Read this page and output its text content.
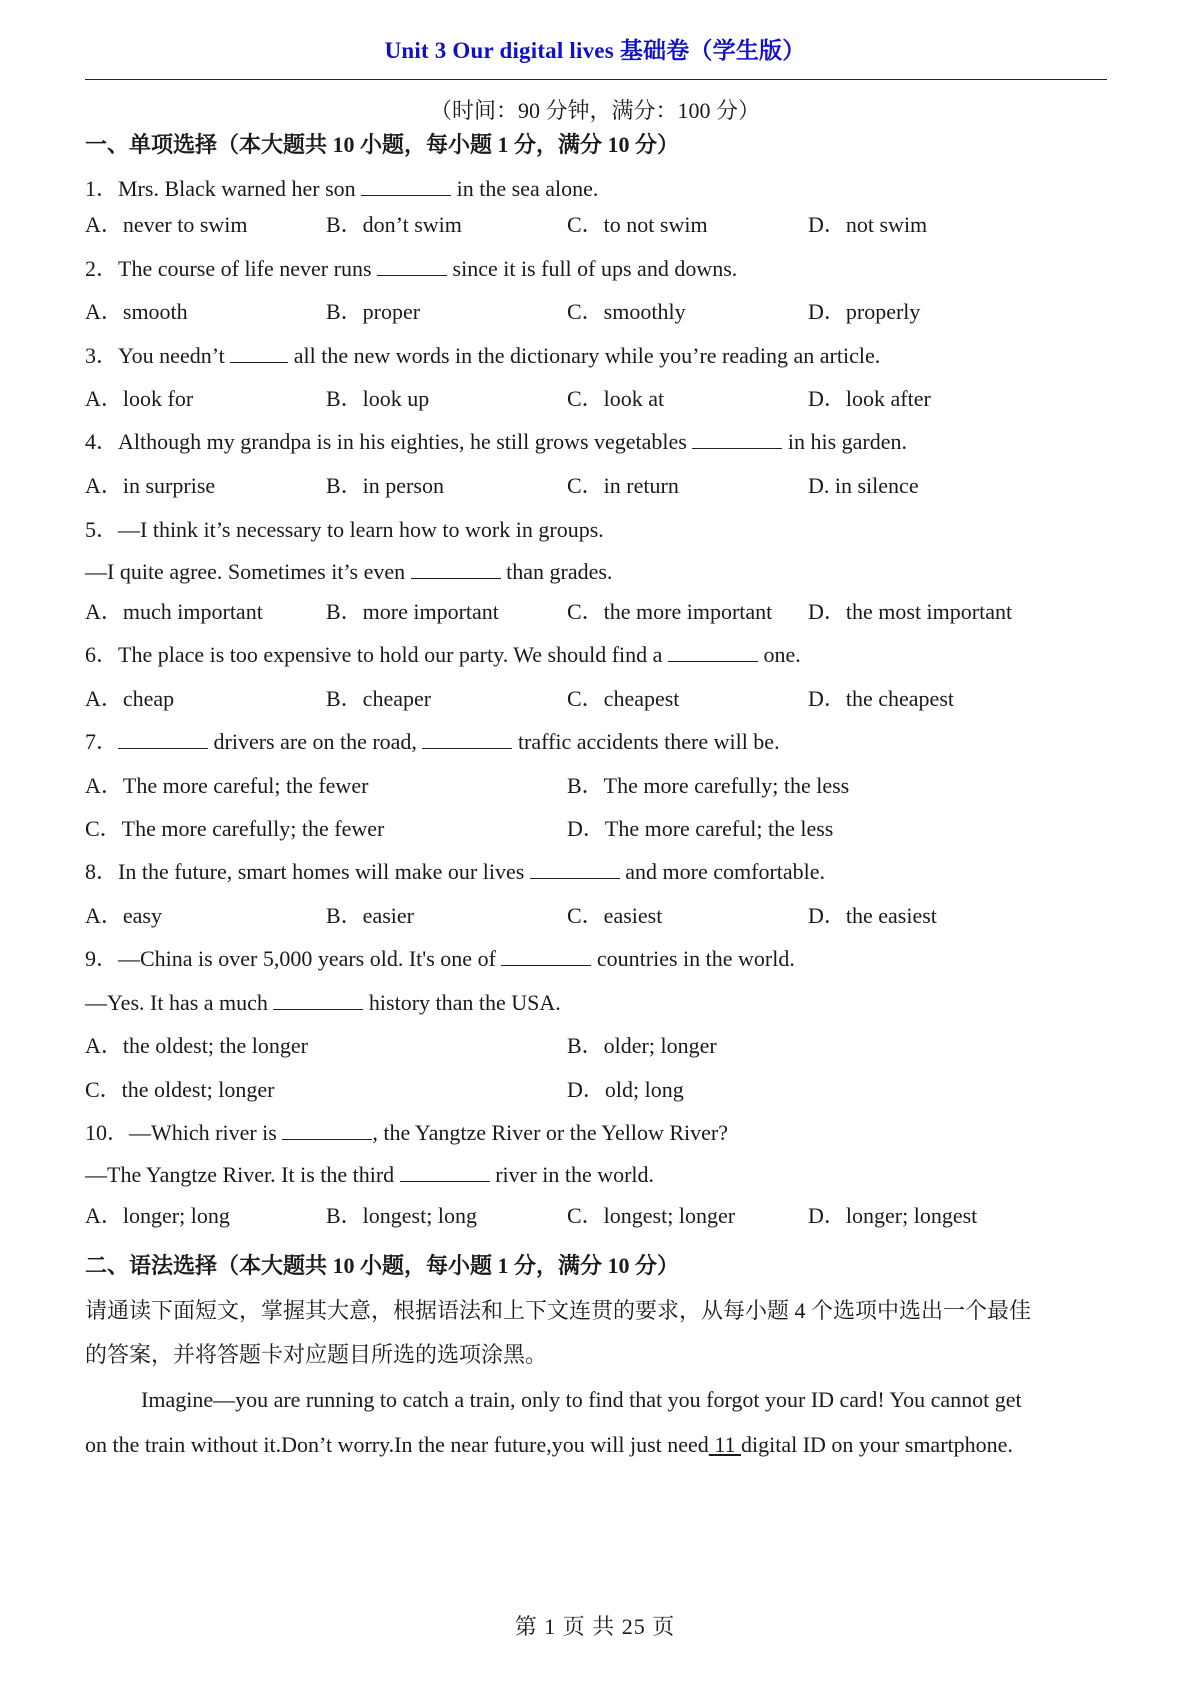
Unit 3 Our digital lives 基础卷（学生版）
（时间：90 分钟，满分：100 分）
一、单项选择（本大题共 10 小题，每小题 1 分，满分 10 分）
1．Mrs. Black warned her son	in the sea alone.
A．never to swim	B．don’t swim	C．to not swim	D．not swim
2．The course of life never runs	since it is full of ups and downs.
A．smooth	B．proper	C．smoothly	D．properly
3．You needn’t	all the new words in the dictionary while you’re reading an article.
A．look for	B．look up	C．look at	D．look after
4．Although my grandpa is in his eighties, he still grows vegetables	in his garden.
A．in surprise	B．in person	C．in return	D. in silence
5．—I think it’s necessary to learn how to work in groups.
—I quite agree. Sometimes it’s even	than grades.
A．much important	B．more important	C．the more important D．the most important
6．The place is too expensive to hold our party. We should find a	one.
A．cheap	B．cheaper	C．cheapest	D．the cheapest
7．	drivers are on the road,	traffic accidents there will be.
A．The more careful; the fewer	B．The more carefully; the less
C．The more carefully; the fewer	D．The more careful; the less
8．In the future, smart homes will make our lives	and more comfortable.
A．easy	B．easier	C．easiest	D．the easiest
9．—China is over 5,000 years old. It's one of	countries in the world.
—Yes. It has a much	history than the USA.
A．the oldest; the longer	B．older; longer
C．the oldest; longer	D．old; long
10．—Which river is	, the Yangtze River or the Yellow River?
—The Yangtze River. It is the third	river in the world.
A．longer; long	B．longest; long	C．longest; longer	D．longer; longest
二、语法选择（本大题共 10 小题，每小题 1 分，满分 10 分）
请通读下面短文，掌握其大意，根据语法和上下文连贯的要求，从每小题 4 个选项中选出一个最佳
的答案，并将答题卡对应题目所选的选项涂黑。
Imagine—you are running to catch a train, only to find that you forgot your ID card! You cannot get
on the train without it.Don’t worry.In the near future,you will just need 11 digital ID on your smartphone.
第 1 页 共 25 页
